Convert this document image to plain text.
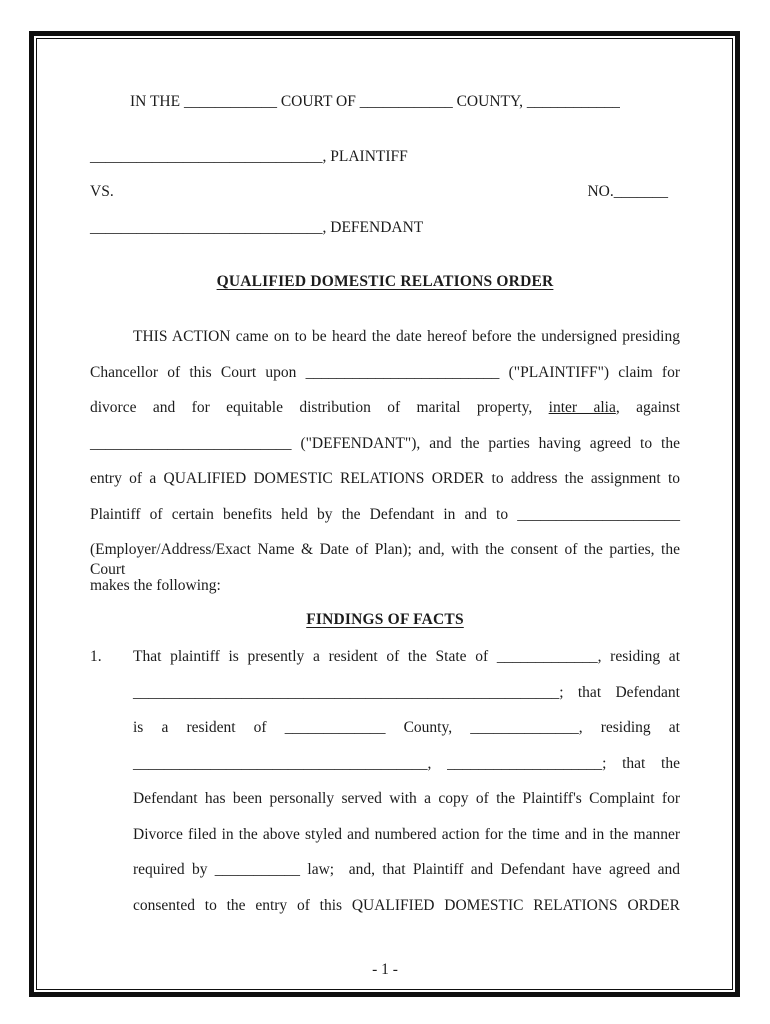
IN THE ____________ COURT OF ____________ COUNTY, ____________
______________________________, PLAINTIFF
VS.	NO._______
______________________________, DEFENDANT
QUALIFIED DOMESTIC RELATIONS ORDER
THIS ACTION came on to be heard the date hereof before the undersigned presiding
Chancellor of this Court upon _________________________ ("PLAINTIFF") claim for
divorce and for equitable distribution of marital property, inter alia, against
__________________________ ("DEFENDANT"), and the parties having agreed to the
entry of a QUALIFIED DOMESTIC RELATIONS ORDER to address the assignment to
Plaintiff of certain benefits held by the Defendant in and to _____________________
(Employer/Address/Exact Name & Date of Plan); and, with the consent of the parties, the Court
makes the following:
FINDINGS OF FACTS
1. That plaintiff is presently a resident of the State of _____________, residing at
_______________________________________________________; that Defendant
is a resident of _____________ County, ______________, residing at
______________________________________, ____________________; that the
Defendant has been personally served with a copy of the Plaintiff's Complaint for
Divorce filed in the above styled and numbered action for the time and in the manner
required by ___________ law;  and, that Plaintiff and Defendant have agreed and
consented to the entry of this QUALIFIED DOMESTIC RELATIONS ORDER
- 1 -
